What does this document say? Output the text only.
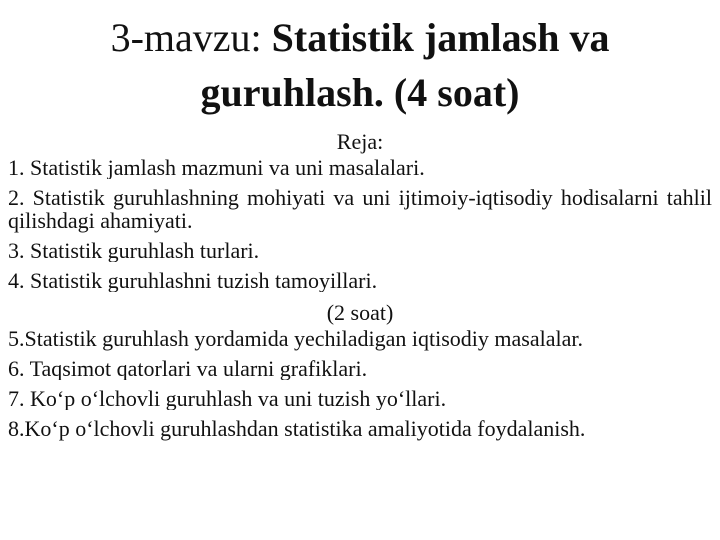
3-mavzu: Statistik jamlash va
guruhlash. (4 soat)
Reja:
1. Statistik jamlash mazmuni va uni masalalari.
2. Statistik guruhlashning mohiyati va uni ijtimoiy-iqtisodiy hodisalarni tahlil qilishdagi ahamiyati.
3. Statistik guruhlash turlari.
4. Statistik guruhlashni tuzish tamoyillari.
(2 soat)
5.Statistik guruhlash yordamida yechiladigan iqtisodiy masalalar.
6. Taqsimot qatorlari va ularni grafiklari.
7. Ko‘p o‘lchovli guruhlash va uni tuzish yo‘llari.
8.Ko‘p o‘lchovli guruhlashdan statistika amaliyotida foydalanish.
